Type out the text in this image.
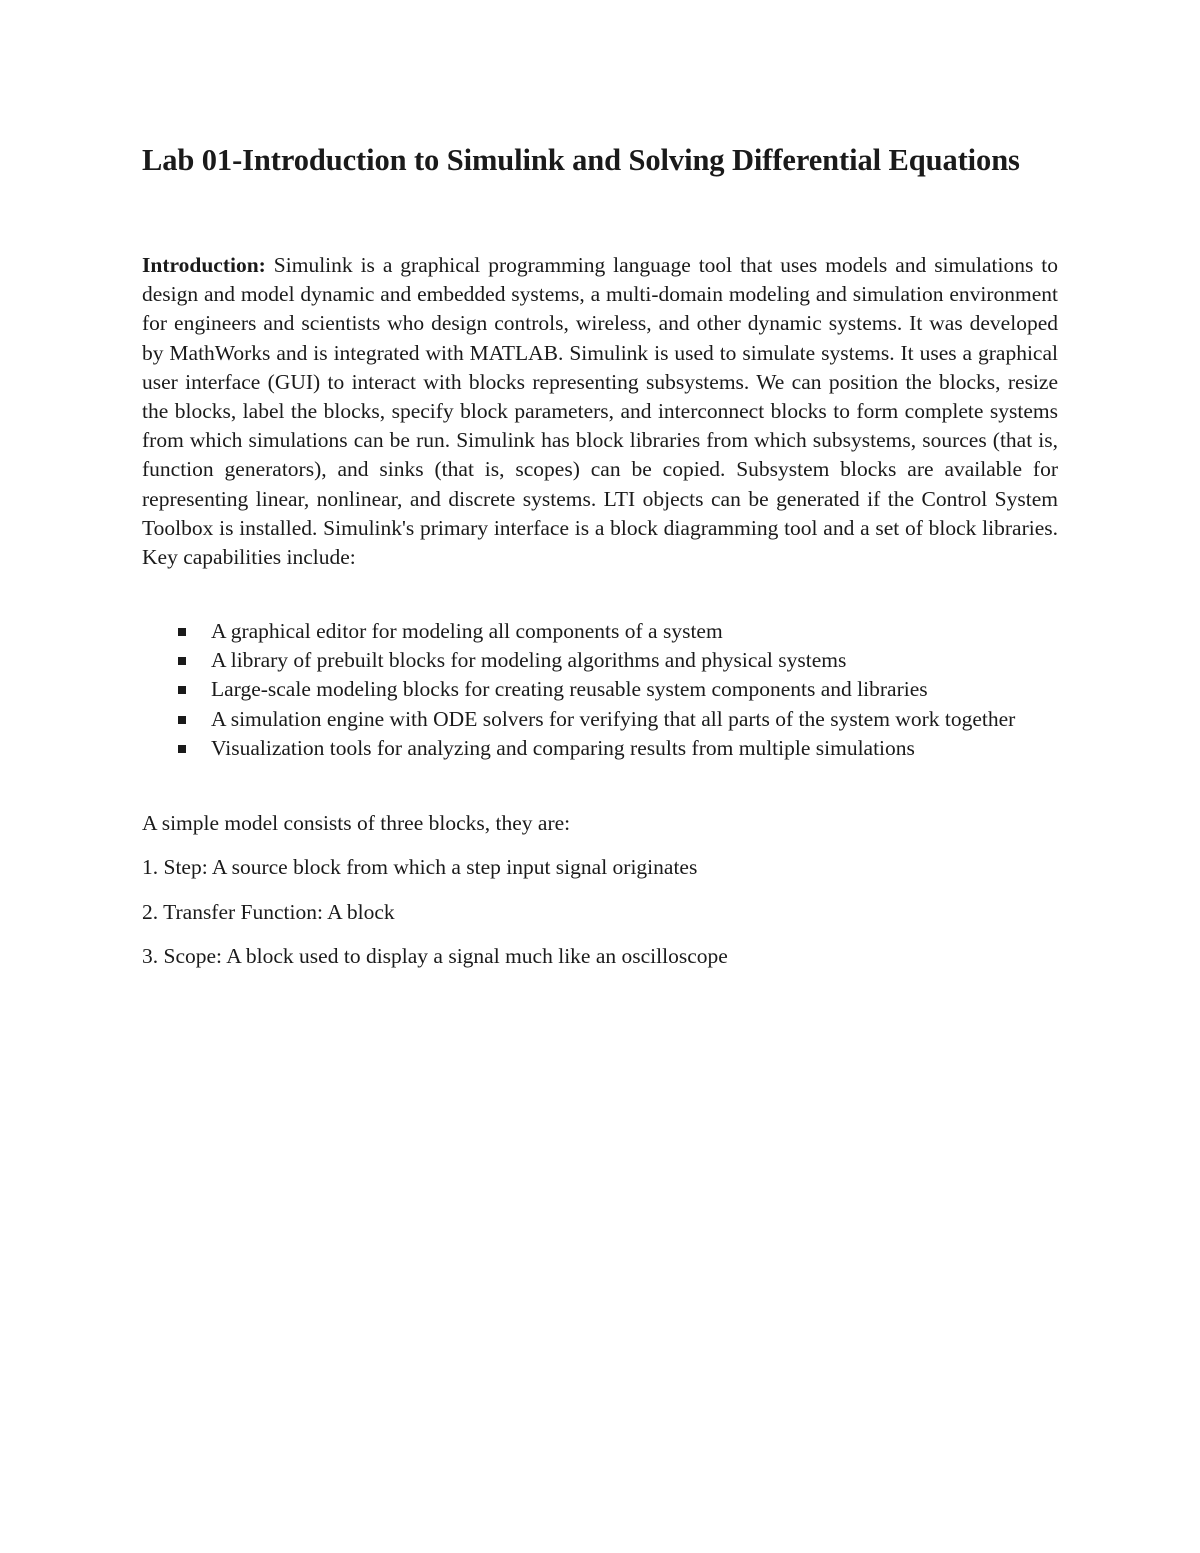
Lab 01-Introduction to Simulink and Solving Differential Equations

Introduction: Simulink is a graphical programming language tool that uses models and simulations to design and model dynamic and embedded systems, a multi-domain modeling and simulation environment for engineers and scientists who design controls, wireless, and other dynamic systems. It was developed by MathWorks and is integrated with MATLAB. Simulink is used to simulate systems. It uses a graphical user interface (GUI) to interact with blocks representing subsystems. We can position the blocks, resize the blocks, label the blocks, specify block parameters, and interconnect blocks to form complete systems from which simulations can be run. Simulink has block libraries from which subsystems, sources (that is, function generators), and sinks (that is, scopes) can be copied. Subsystem blocks are available for representing linear, nonlinear, and discrete systems. LTI objects can be generated if the Control System Toolbox is installed. Simulink's primary interface is a block diagramming tool and a set of block libraries. Key capabilities include:

A graphical editor for modeling all components of a system
A library of prebuilt blocks for modeling algorithms and physical systems
Large-scale modeling blocks for creating reusable system components and libraries
A simulation engine with ODE solvers for verifying that all parts of the system work together
Visualization tools for analyzing and comparing results from multiple simulations

A simple model consists of three blocks, they are:

1. Step: A source block from which a step input signal originates

2. Transfer Function: A block

3. Scope: A block used to display a signal much like an oscilloscope
